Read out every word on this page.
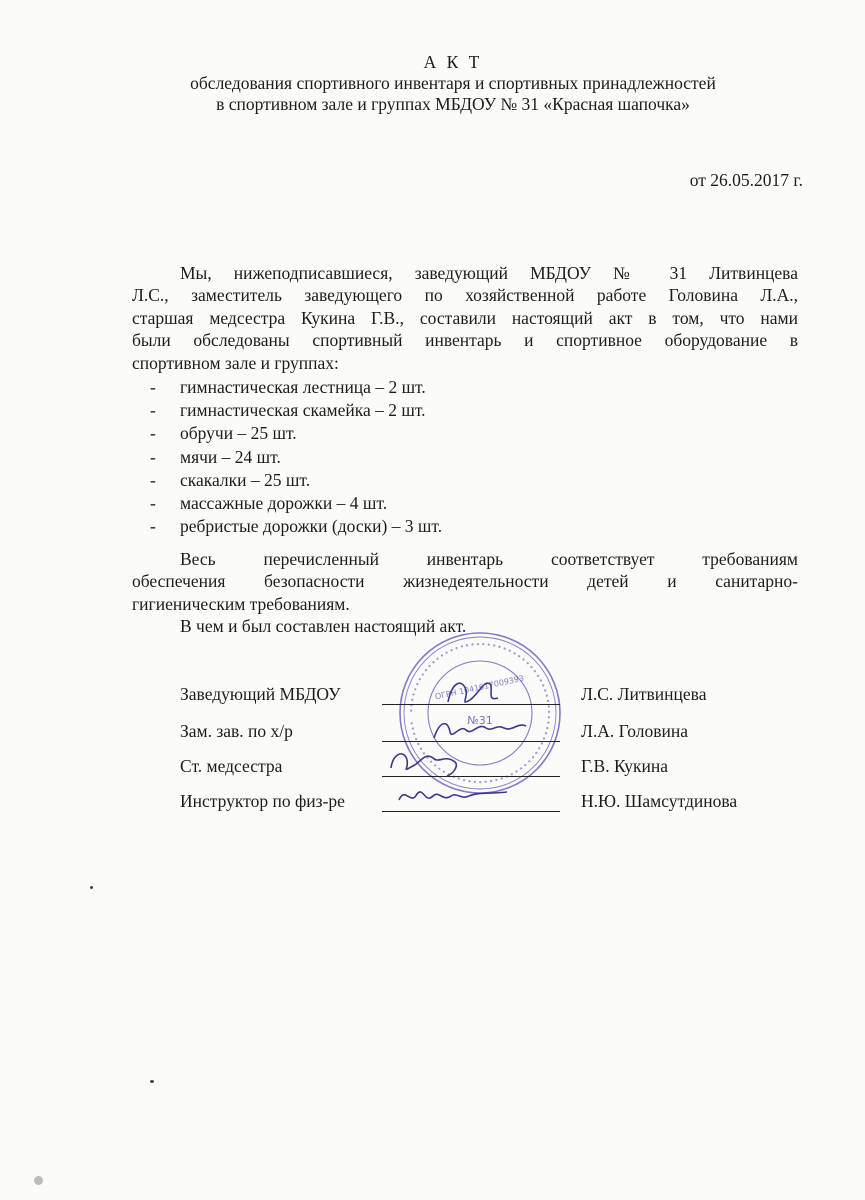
А К Т
обследования спортивного инвентаря и спортивных принадлежностей
в спортивном зале и группах МБДОУ № 31 «Красная шапочка»
от 26.05.2017 г.
Мы, нижеподписавшиеся, заведующий МБДОУ № 31 Литвинцева
Л.С., заместитель заведующего по хозяйственной работе Головина Л.А.,
старшая медсестра Кукина Г.В., составили настоящий акт в том, что нами
были обследованы спортивный инвентарь и спортивное оборудование в
спортивном зале и группах:
- гимнастическая лестница – 2 шт.
- гимнастическая скамейка – 2 шт.
- обручи – 25 шт.
- мячи – 24 шт.
- скакалки – 25 шт.
- массажные дорожки – 4 шт.
- ребристые дорожки (доски) – 3 шт.
Весь перечисленный инвентарь соответствует требованиям
обеспечения безопасности жизнедеятельности детей и санитарно-
гигиеническим требованиям.
В чем и был составлен настоящий акт.
••••••••••••••••••••••••••••••••••••••••••••••••••••••••••••••••••••••••••••••
ОГРН 1041617009393
№31
Заведующий МБДОУ	Л.С. Литвинцева
Зам. зав. по х/р	Л.А. Головина
Ст. медсестра	Г.В. Кукина
Инструктор по физ-ре	Н.Ю. Шамсутдинова
